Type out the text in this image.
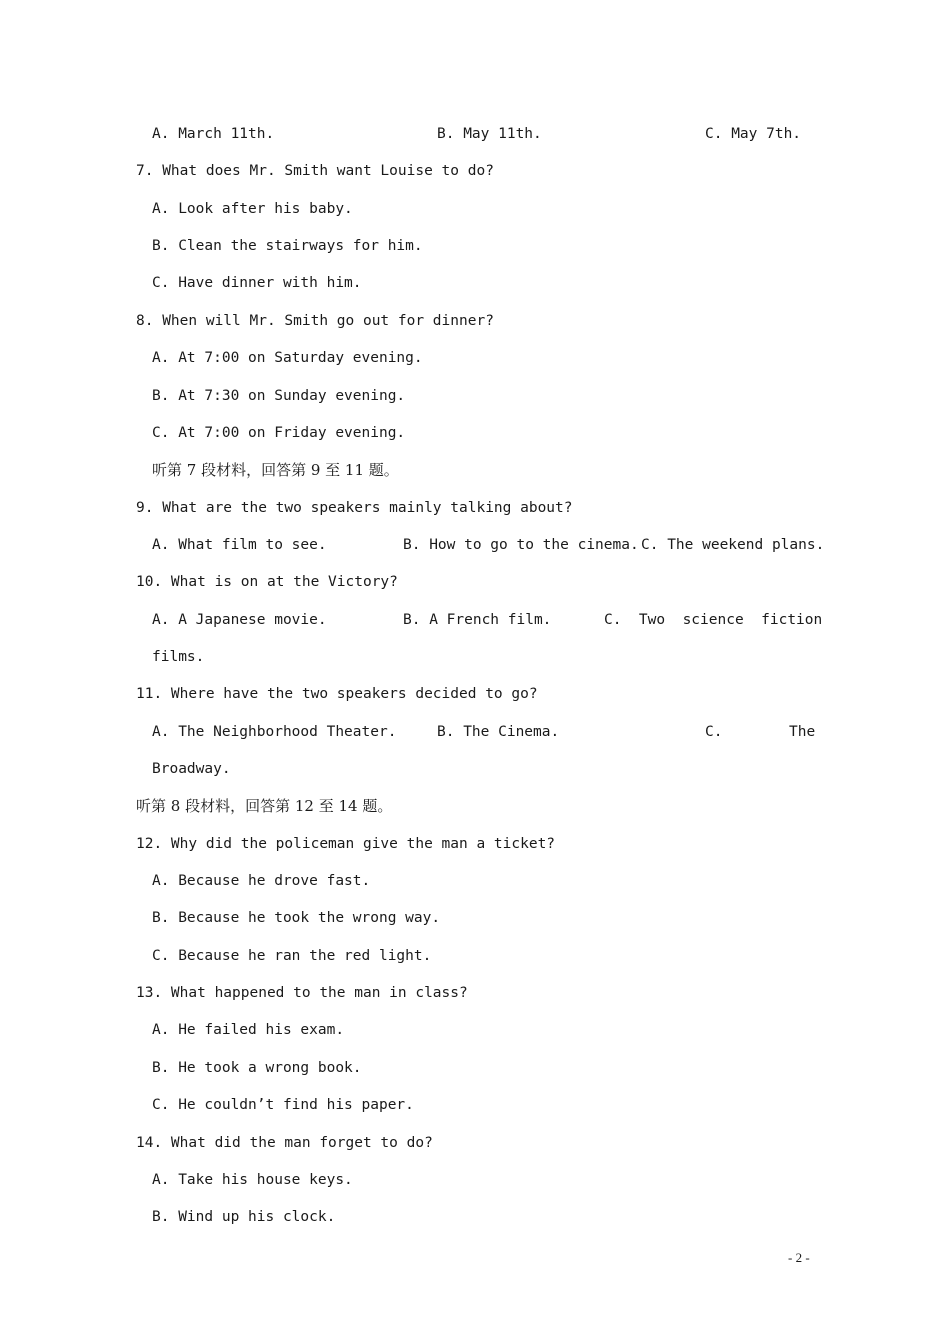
A. March 11th.	B. May 11th.	C. May 7th.
7. What does Mr. Smith want Louise to do?
A. Look after his baby.
B. Clean the stairways for him.
C. Have dinner with him.
8. When will Mr. Smith go out for dinner?
A. At 7:00 on Saturday evening.
B. At 7:30 on Sunday evening.
C. At 7:00 on Friday evening.
听第 7 段材料，回答第 9 至 11 题。
9. What are the two speakers mainly talking about?
A. What film to see.	B. How to go to the cinema. C. The weekend plans.
10. What is on at the Victory?
A. A Japanese movie.	B. A French film.	C.  Two  science  fiction
films.
11. Where have the two speakers decided to go?
A. The Neighborhood Theater.	B. The Cinema.	C.	The
Broadway.
听第 8 段材料，回答第 12 至 14 题。
12. Why did the policeman give the man a ticket?
A. Because he drove fast.
B. Because he took the wrong way.
C. Because he ran the red light.
13. What happened to the man in class?
A. He failed his exam.
B. He took a wrong book.
C. He couldn’t find his paper.
14. What did the man forget to do?
A. Take his house keys.
B. Wind up his clock.
- 2 -
